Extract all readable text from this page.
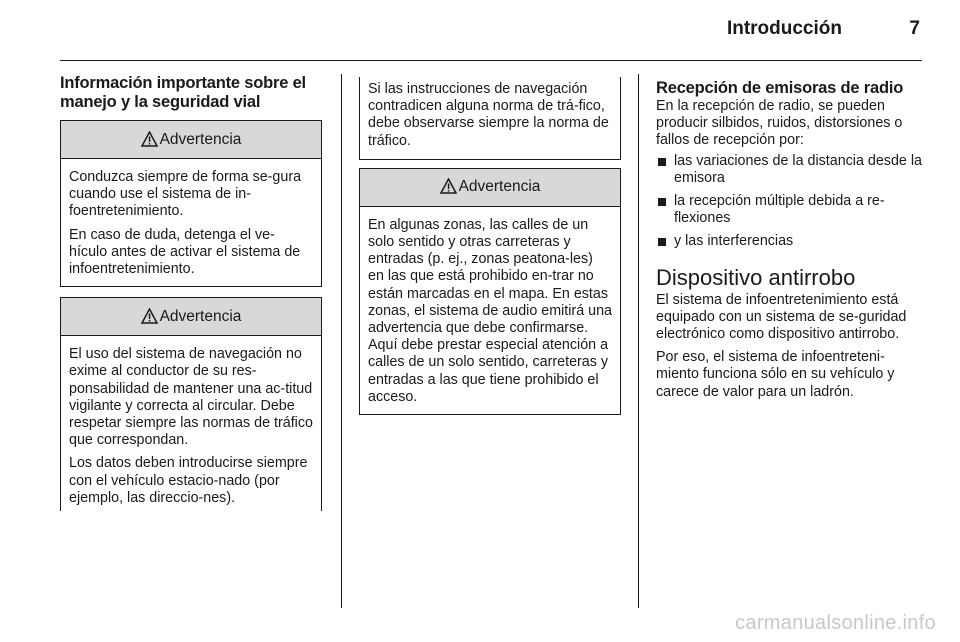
Introducción	7
Información importante sobre el manejo y la seguridad vial
Advertencia

Conduzca siempre de forma se-gura cuando use el sistema de in-foentretenimiento.

En caso de duda, detenga el ve-hículo antes de activar el sistema de infoentretenimiento.

Advertencia

El uso del sistema de navegación no exime al conductor de su res-ponsabilidad de mantener una ac-titud vigilante y correcta al circular. Debe respetar siempre las normas de tráfico que correspondan.

Los datos deben introducirse siempre con el vehículo estacio-nado (por ejemplo, las direccio-nes).

Si las instrucciones de navegación contradicen alguna norma de trá-fico, debe observarse siempre la norma de tráfico.

Advertencia

En algunas zonas, las calles de un solo sentido y otras carreteras y entradas (p. ej., zonas peatona-les) en las que está prohibido en-trar no están marcadas en el mapa. En estas zonas, el sistema de audio emitirá una advertencia que debe confirmarse. Aquí debe prestar especial atención a calles de un solo sentido, carreteras y entradas a las que tiene prohibido el acceso.

Recepción de emisoras de radio

En la recepción de radio, se pueden producir silbidos, ruidos, distorsiones o fallos de recepción por:

las variaciones de la distancia desde la emisora
la recepción múltiple debida a re-flexiones
y las interferencias
Dispositivo antirrobo

El sistema de infoentretenimiento está equipado con un sistema de se-guridad electrónico como dispositivo antirrobo.

Por eso, el sistema de infoentreteni-miento funciona sólo en su vehículo y carece de valor para un ladrón.

carmanualsonline.info
